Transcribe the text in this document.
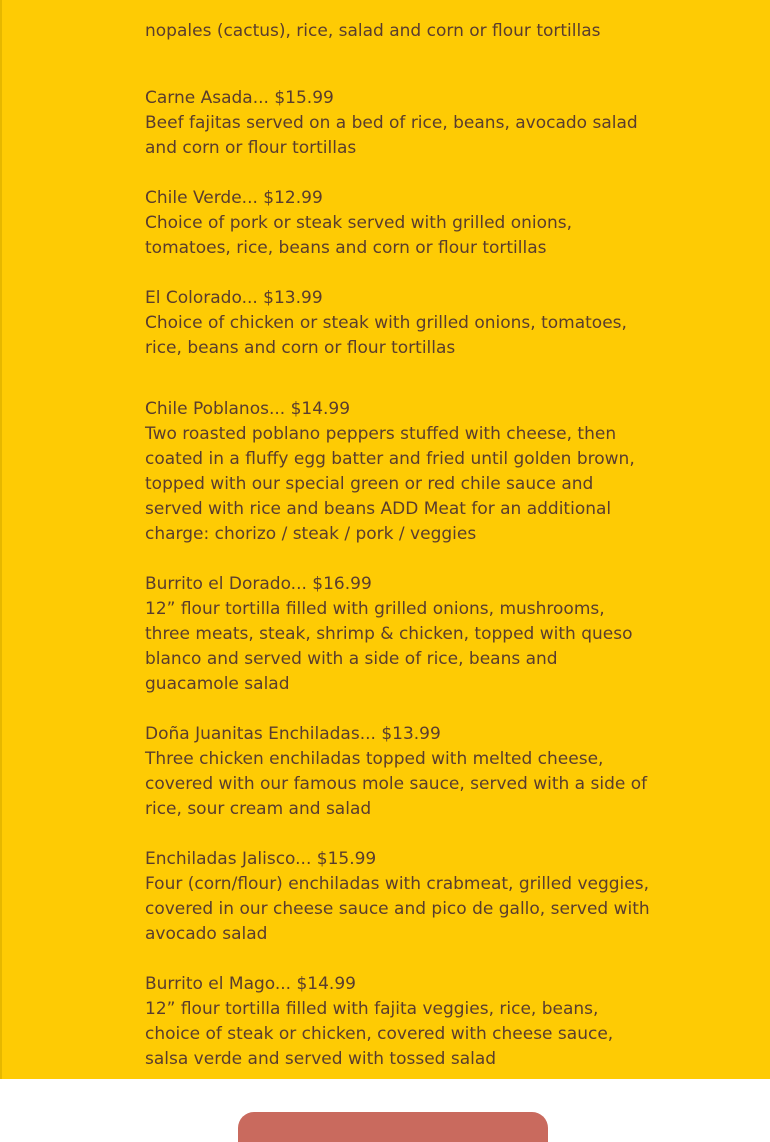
nopales (cactus), rice, salad and corn or flour tortillas

Carne Asada... $15.99

Beef fajitas served on a bed of rice, beans, avocado salad and corn or flour tortillas

Chile Verde... $12.99

Choice of pork or steak served with grilled onions, tomatoes, rice, beans and corn or flour tortillas

El Colorado... $13.99

Choice of chicken or steak with grilled onions, tomatoes, rice, beans and corn or flour tortillas

Chile Poblanos... $14.99

Two roasted poblano peppers stuffed with cheese, then coated in a fluffy egg batter and fried until golden brown, topped with our special green or red chile sauce and served with rice and beans ADD Meat for an additional charge: chorizo / steak / pork / veggies

Burrito el Dorado... $16.99

12” flour tortilla filled with grilled onions, mushrooms, three meats, steak, shrimp & chicken, topped with queso blanco and served with a side of rice, beans and guacamole salad

Doña Juanitas Enchiladas... $13.99

Three chicken enchiladas topped with melted cheese, covered with our famous mole sauce, served with a side of rice, sour cream and salad

Enchiladas Jalisco... $15.99

Four (corn/flour) enchiladas with crabmeat, grilled veggies, covered in our cheese sauce and pico de gallo, served with avocado salad

Burrito el Mago... $14.99

12” flour tortilla filled with fajita veggies, rice, beans, choice of steak or chicken, covered with cheese sauce, salsa verde and served with tossed salad
